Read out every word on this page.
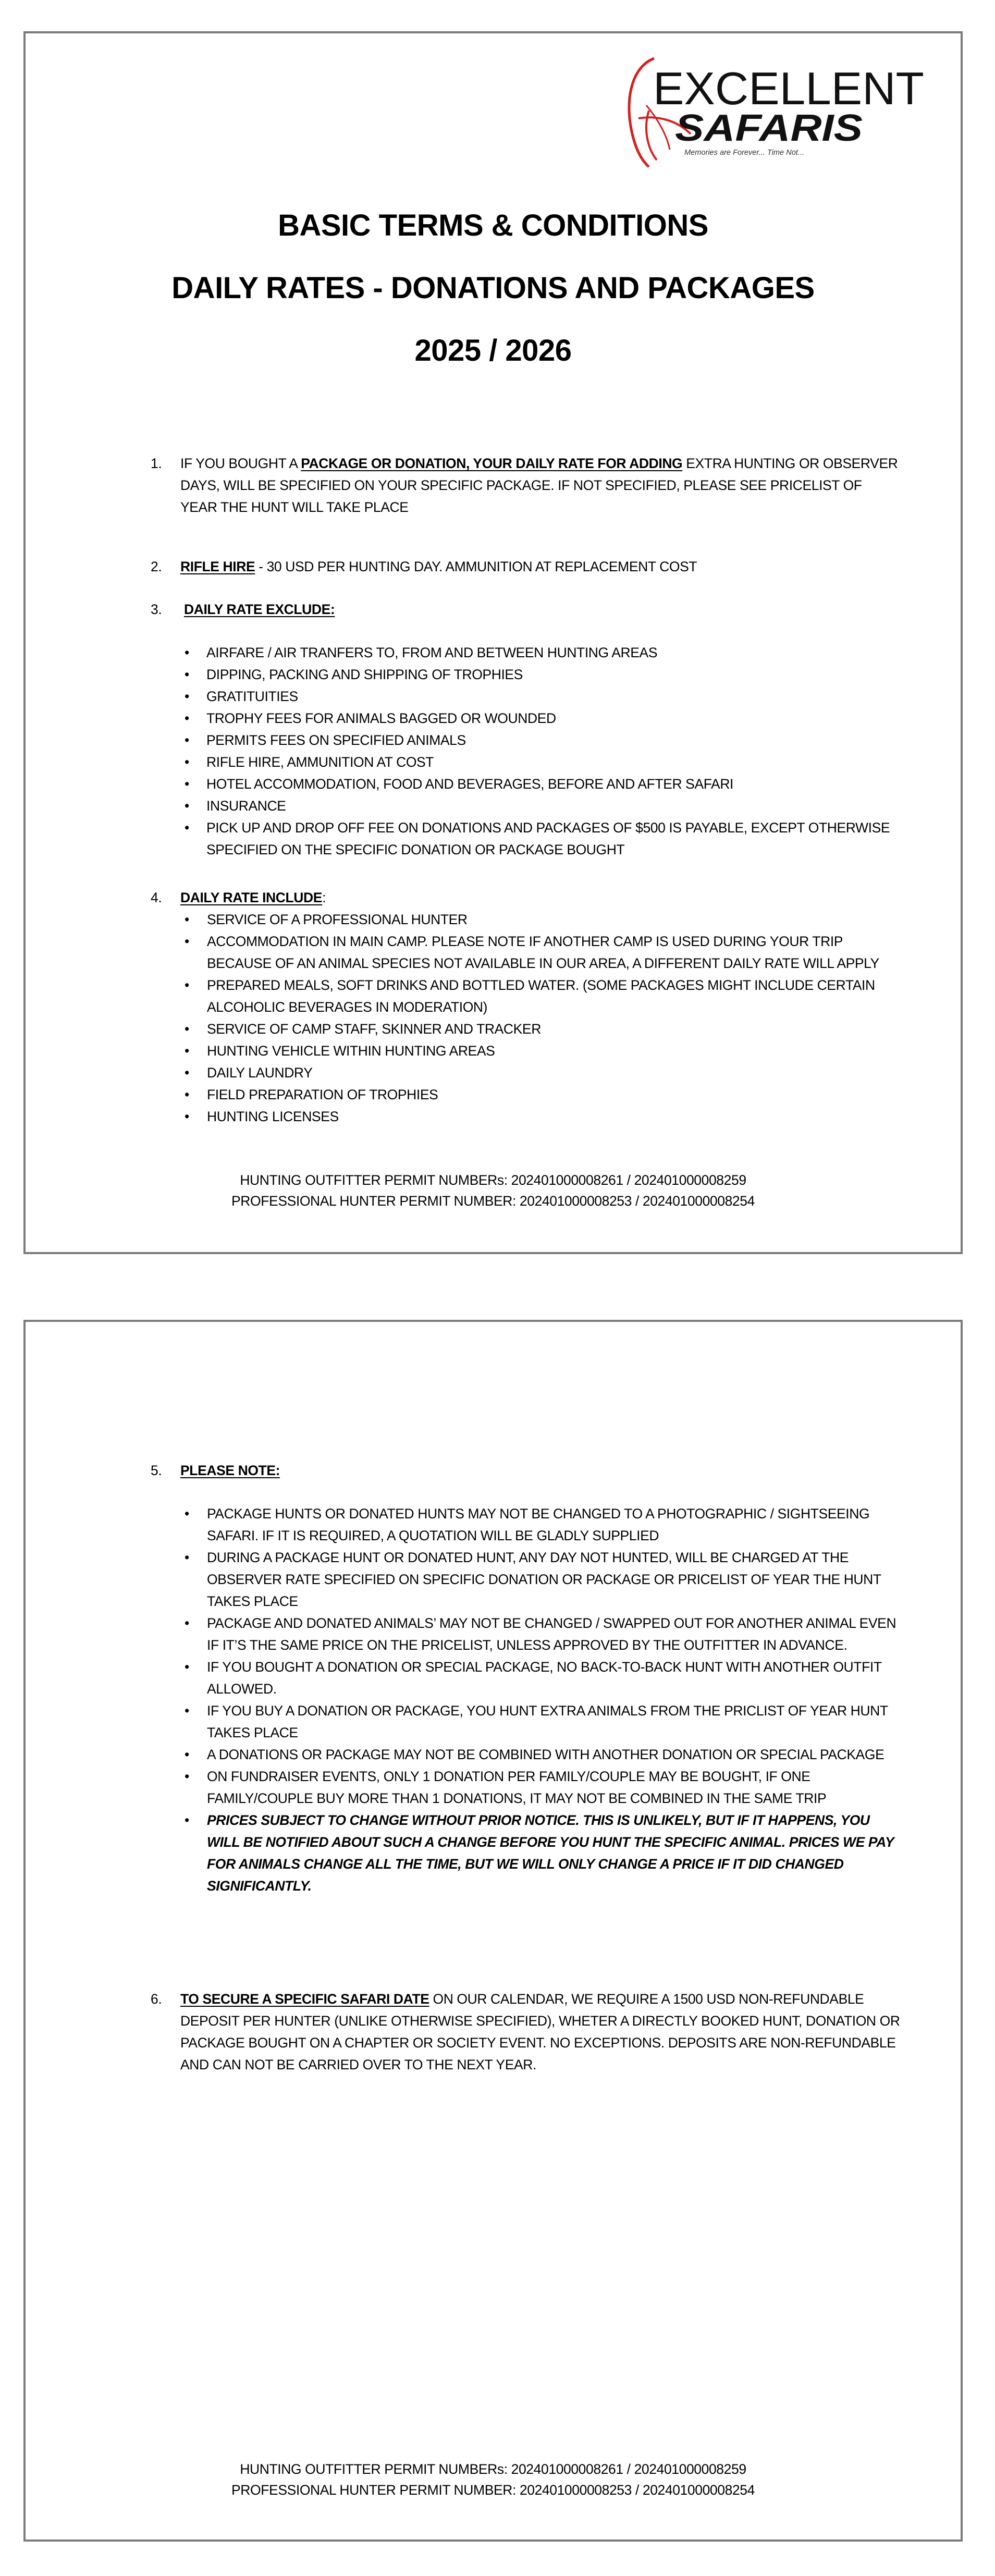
EXCELLENT
SAFARIS
Memories are Forever... Time Not...
BASIC TERMS & CONDITIONS
DAILY RATES - DONATIONS AND PACKAGES
2025 / 2026
1. IF YOU BOUGHT A PACKAGE OR DONATION, YOUR DAILY RATE FOR ADDING EXTRA HUNTING OR OBSERVER DAYS, WILL BE SPECIFIED ON YOUR SPECIFIC PACKAGE. IF NOT SPECIFIED, PLEASE SEE PRICELIST OF YEAR THE HUNT WILL TAKE PLACE
2. RIFLE HIRE - 30 USD PER HUNTING DAY. AMMUNITION AT REPLACEMENT COST
3. DAILY RATE EXCLUDE:
• AIRFARE / AIR TRANFERS TO, FROM AND BETWEEN HUNTING AREAS
• DIPPING, PACKING AND SHIPPING OF TROPHIES
• GRATITUITIES
• TROPHY FEES FOR ANIMALS BAGGED OR WOUNDED
• PERMITS FEES ON SPECIFIED ANIMALS
• RIFLE HIRE, AMMUNITION AT COST
• HOTEL ACCOMMODATION, FOOD AND BEVERAGES, BEFORE AND AFTER SAFARI
• INSURANCE
• PICK UP AND DROP OFF FEE ON DONATIONS AND PACKAGES OF $500 IS PAYABLE, EXCEPT OTHERWISE SPECIFIED ON THE SPECIFIC DONATION OR PACKAGE BOUGHT
4. DAILY RATE INCLUDE:
• SERVICE OF A PROFESSIONAL HUNTER
• ACCOMMODATION IN MAIN CAMP. PLEASE NOTE IF ANOTHER CAMP IS USED DURING YOUR TRIP BECAUSE OF AN ANIMAL SPECIES NOT AVAILABLE IN OUR AREA, A DIFFERENT DAILY RATE WILL APPLY
• PREPARED MEALS, SOFT DRINKS AND BOTTLED WATER. (SOME PACKAGES MIGHT INCLUDE CERTAIN ALCOHOLIC BEVERAGES IN MODERATION)
• SERVICE OF CAMP STAFF, SKINNER AND TRACKER
• HUNTING VEHICLE WITHIN HUNTING AREAS
• DAILY LAUNDRY
• FIELD PREPARATION OF TROPHIES
• HUNTING LICENSES
HUNTING OUTFITTER PERMIT NUMBERs: 202401000008261 / 202401000008259
PROFESSIONAL HUNTER PERMIT NUMBER: 202401000008253 / 202401000008254
5. PLEASE NOTE:
• PACKAGE HUNTS OR DONATED HUNTS MAY NOT BE CHANGED TO A PHOTOGRAPHIC / SIGHTSEEING SAFARI. IF IT IS REQUIRED, A QUOTATION WILL BE GLADLY SUPPLIED
• DURING A PACKAGE HUNT OR DONATED HUNT, ANY DAY NOT HUNTED, WILL BE CHARGED AT THE OBSERVER RATE SPECIFIED ON SPECIFIC DONATION OR PACKAGE OR PRICELIST OF YEAR THE HUNT TAKES PLACE
• PACKAGE AND DONATED ANIMALS’ MAY NOT BE CHANGED / SWAPPED OUT FOR ANOTHER ANIMAL EVEN IF IT’S THE SAME PRICE ON THE PRICELIST, UNLESS APPROVED BY THE OUTFITTER IN ADVANCE.
• IF YOU BOUGHT A DONATION OR SPECIAL PACKAGE, NO BACK-TO-BACK HUNT WITH ANOTHER OUTFIT ALLOWED.
• IF YOU BUY A DONATION OR PACKAGE, YOU HUNT EXTRA ANIMALS FROM THE PRICLIST OF YEAR HUNT TAKES PLACE
• A DONATIONS OR PACKAGE MAY NOT BE COMBINED WITH ANOTHER DONATION OR SPECIAL PACKAGE
• ON FUNDRAISER EVENTS, ONLY 1 DONATION PER FAMILY/COUPLE MAY BE BOUGHT, IF ONE FAMILY/COUPLE BUY MORE THAN 1 DONATIONS, IT MAY NOT BE COMBINED IN THE SAME TRIP
• PRICES SUBJECT TO CHANGE WITHOUT PRIOR NOTICE. THIS IS UNLIKELY, BUT IF IT HAPPENS, YOU WILL BE NOTIFIED ABOUT SUCH A CHANGE BEFORE YOU HUNT THE SPECIFIC ANIMAL. PRICES WE PAY FOR ANIMALS CHANGE ALL THE TIME, BUT WE WILL ONLY CHANGE A PRICE IF IT DID CHANGED SIGNIFICANTLY.
6. TO SECURE A SPECIFIC SAFARI DATE ON OUR CALENDAR, WE REQUIRE A 1500 USD NON-REFUNDABLE DEPOSIT PER HUNTER (UNLIKE OTHERWISE SPECIFIED), WHETER A DIRECTLY BOOKED HUNT, DONATION OR PACKAGE BOUGHT ON A CHAPTER OR SOCIETY EVENT. NO EXCEPTIONS. DEPOSITS ARE NON-REFUNDABLE AND CAN NOT BE CARRIED OVER TO THE NEXT YEAR.
HUNTING OUTFITTER PERMIT NUMBERs: 202401000008261 / 202401000008259
PROFESSIONAL HUNTER PERMIT NUMBER: 202401000008253 / 202401000008254
